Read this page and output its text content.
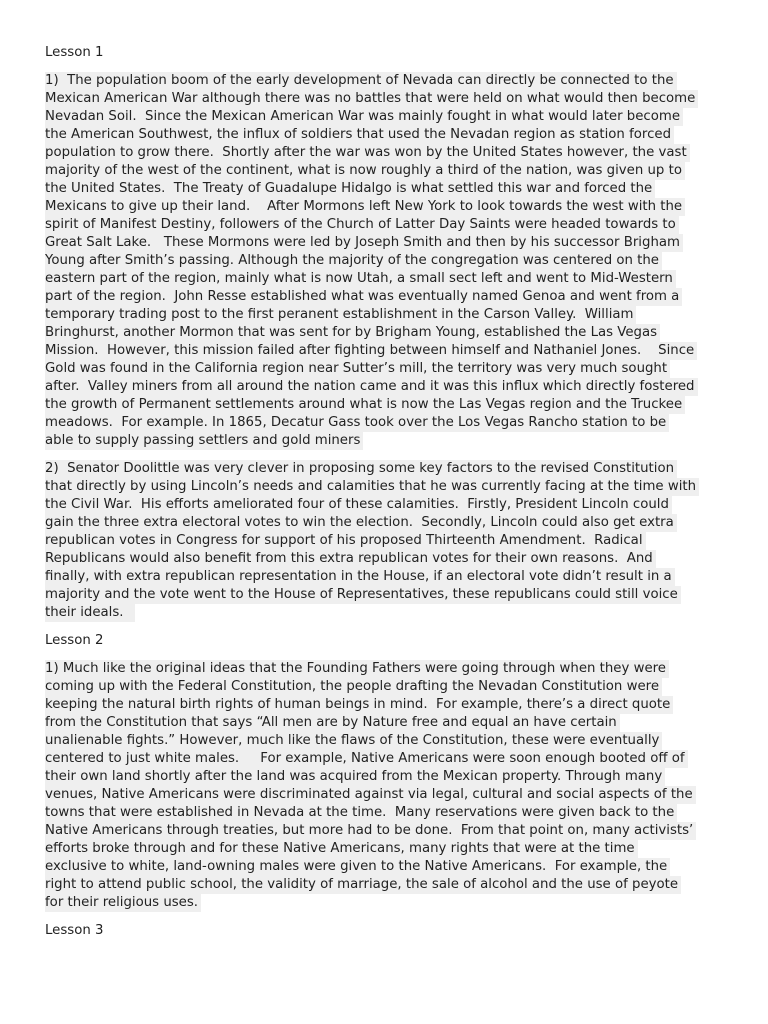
Lesson 1
1)  The population boom of the early development of Nevada can directly be connected to the
Mexican American War although there was no battles that were held on what would then become
Nevadan Soil.  Since the Mexican American War was mainly fought in what would later become
the American Southwest, the influx of soldiers that used the Nevadan region as station forced
population to grow there.  Shortly after the war was won by the United States however, the vast
majority of the west of the continent, what is now roughly a third of the nation, was given up to
the United States.  The Treaty of Guadalupe Hidalgo is what settled this war and forced the
Mexicans to give up their land.    After Mormons left New York to look towards the west with the
spirit of Manifest Destiny, followers of the Church of Latter Day Saints were headed towards to
Great Salt Lake.   These Mormons were led by Joseph Smith and then by his successor Brigham
Young after Smith’s passing. Although the majority of the congregation was centered on the
eastern part of the region, mainly what is now Utah, a small sect left and went to Mid-Western
part of the region.  John Resse established what was eventually named Genoa and went from a
temporary trading post to the first peranent establishment in the Carson Valley.  William
Bringhurst, another Mormon that was sent for by Brigham Young, established the Las Vegas
Mission.  However, this mission failed after fighting between himself and Nathaniel Jones.    Since
Gold was found in the California region near Sutter’s mill, the territory was very much sought
after.  Valley miners from all around the nation came and it was this influx which directly fostered
the growth of Permanent settlements around what is now the Las Vegas region and the Truckee
meadows.  For example. In 1865, Decatur Gass took over the Los Vegas Rancho station to be
able to supply passing settlers and gold miners
2)  Senator Doolittle was very clever in proposing some key factors to the revised Constitution
that directly by using Lincoln’s needs and calamities that he was currently facing at the time with
the Civil War.  His efforts ameliorated four of these calamities.  Firstly, President Lincoln could
gain the three extra electoral votes to win the election.  Secondly, Lincoln could also get extra
republican votes in Congress for support of his proposed Thirteenth Amendment.  Radical
Republicans would also benefit from this extra republican votes for their own reasons.  And
finally, with extra republican representation in the House, if an electoral vote didn’t result in a
majority and the vote went to the House of Representatives, these republicans could still voice
their ideals.
Lesson 2
1) Much like the original ideas that the Founding Fathers were going through when they were
coming up with the Federal Constitution, the people drafting the Nevadan Constitution were
keeping the natural birth rights of human beings in mind.  For example, there’s a direct quote
from the Constitution that says “All men are by Nature free and equal an have certain
unalienable fights.” However, much like the flaws of the Constitution, these were eventually
centered to just white males.     For example, Native Americans were soon enough booted off of
their own land shortly after the land was acquired from the Mexican property. Through many
venues, Native Americans were discriminated against via legal, cultural and social aspects of the
towns that were established in Nevada at the time.  Many reservations were given back to the
Native Americans through treaties, but more had to be done.  From that point on, many activists’
efforts broke through and for these Native Americans, many rights that were at the time
exclusive to white, land-owning males were given to the Native Americans.  For example, the
right to attend public school, the validity of marriage, the sale of alcohol and the use of peyote
for their religious uses.
Lesson 3
